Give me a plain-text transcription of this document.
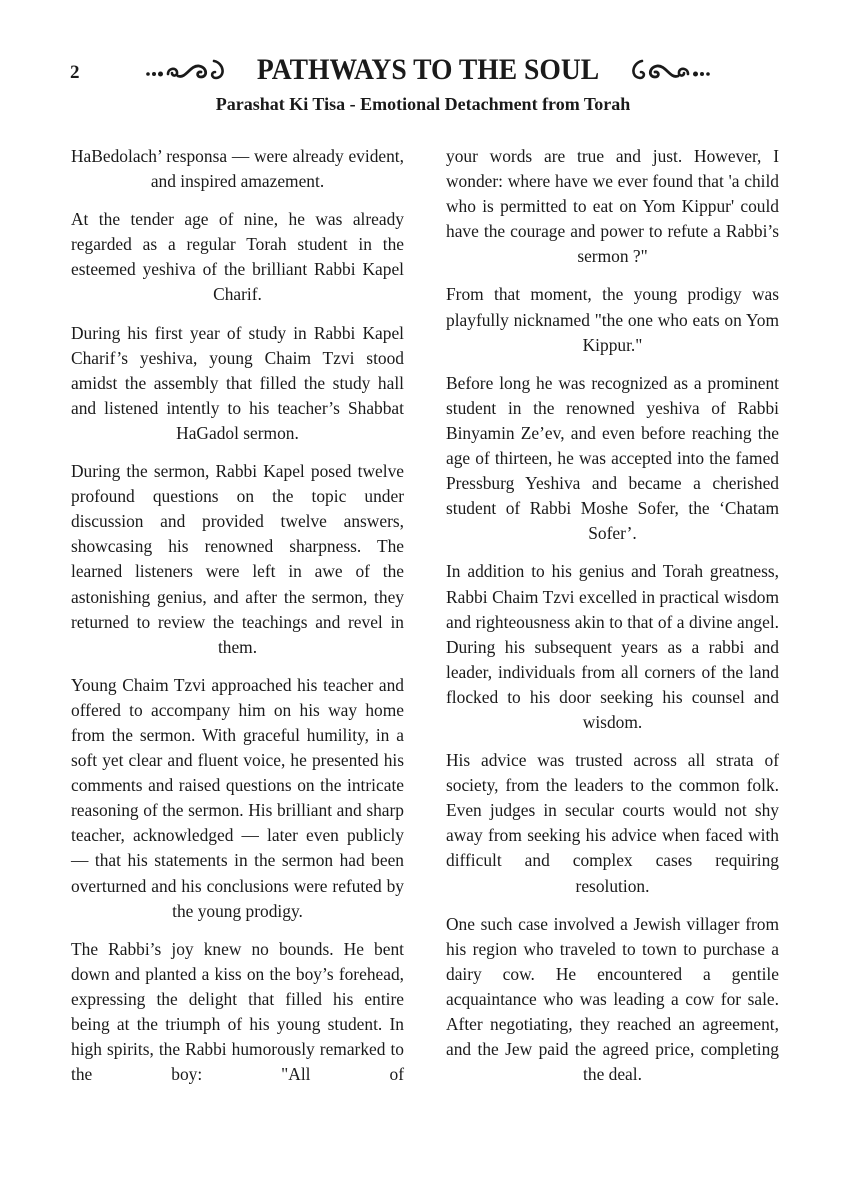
2	PATHWAYS TO THE SOUL
Parashat Ki Tisa - Emotional Detachment from Torah

HaBedolach’ responsa — were already evident, and inspired amazement.

At the tender age of nine, he was already regarded as a regular Torah student in the esteemed yeshiva of the brilliant Rabbi Kapel Charif.

During his first year of study in Rabbi Kapel Charif’s yeshiva, young Chaim Tzvi stood amidst the assembly that filled the study hall and listened intently to his teacher’s Shabbat HaGadol sermon.

During the sermon, Rabbi Kapel posed twelve profound questions on the topic under discussion and provided twelve answers, showcasing his renowned sharpness. The learned listeners were left in awe of the astonishing genius, and after the sermon, they returned to review the teachings and revel in them.

Young Chaim Tzvi approached his teacher and offered to accompany him on his way home from the sermon. With graceful humility, in a soft yet clear and fluent voice, he presented his comments and raised questions on the intricate reasoning of the sermon. His brilliant and sharp teacher, acknowledged — later even publicly — that his statements in the sermon had been overturned and his conclusions were refuted by the young prodigy.

The Rabbi’s joy knew no bounds. He bent down and planted a kiss on the boy’s forehead, expressing the delight that filled his entire being at the triumph of his young student. In high spirits, the Rabbi humorously remarked to the boy: "All of

your words are true and just. However, I wonder: where have we ever found that 'a child who is permitted to eat on Yom Kippur' could have the courage and power to refute a Rabbi’s sermon ?"

From that moment, the young prodigy was playfully nicknamed "the one who eats on Yom Kippur."

Before long he was recognized as a prominent student in the renowned yeshiva of Rabbi Binyamin Ze’ev, and even before reaching the age of thirteen, he was accepted into the famed Pressburg Yeshiva and became a cherished student of Rabbi Moshe Sofer, the ‘Chatam Sofer’.

In addition to his genius and Torah greatness, Rabbi Chaim Tzvi excelled in practical wisdom and righteousness akin to that of a divine angel. During his subsequent years as a rabbi and leader, individuals from all corners of the land flocked to his door seeking his counsel and wisdom.

His advice was trusted across all strata of society, from the leaders to the common folk. Even judges in secular courts would not shy away from seeking his advice when faced with difficult and complex cases requiring resolution.

One such case involved a Jewish villager from his region who traveled to town to purchase a dairy cow. He encountered a gentile acquaintance who was leading a cow for sale. After negotiating, they reached an agreement, and the Jew paid the agreed price, completing the deal.
